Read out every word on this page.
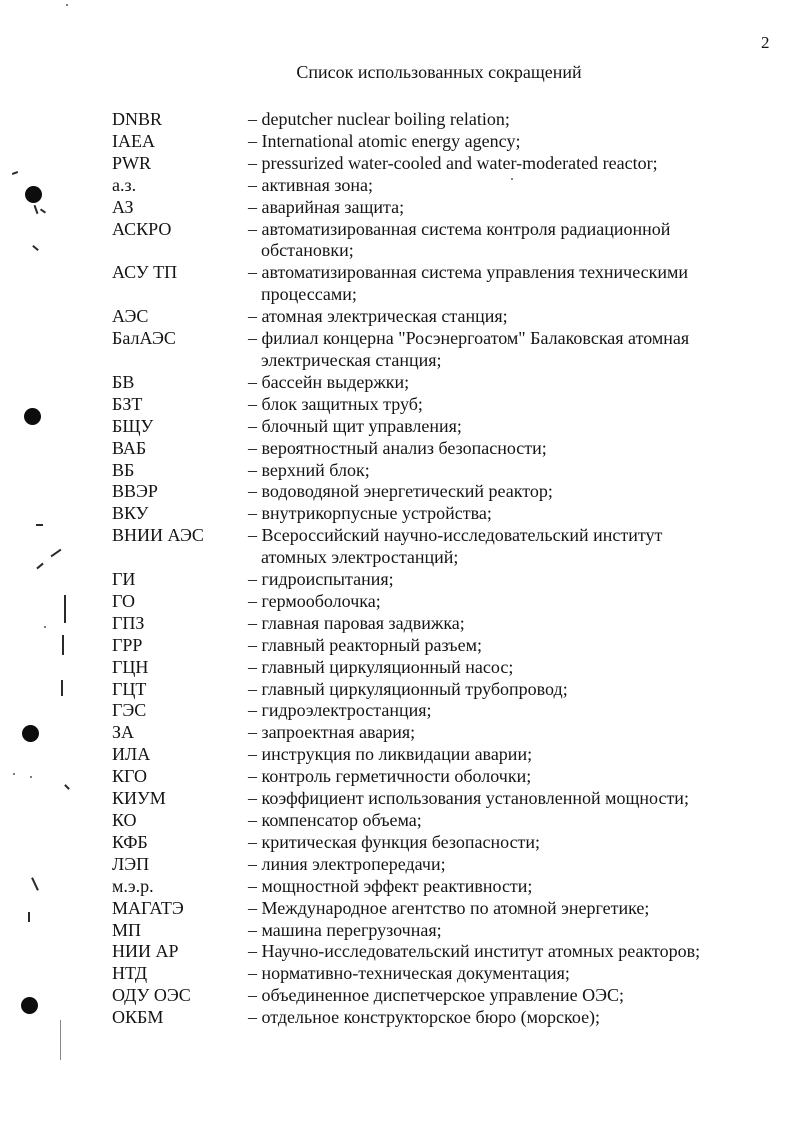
2
Список использованных сокращений
DNBR	– deputcher nuclear boiling relation;
IAEA	– International atomic energy agency;
PWR	– pressurized water-cooled and water-moderated reactor;
а.з.	– активная зона;
АЗ	– аварийная защита;
АСКРО	– автоматизированная система контроля радиационной
обстановки;
АСУ ТП	– автоматизированная система управления техническими
процессами;
АЭС	– атомная электрическая станция;
БалАЭС	– филиал концерна "Росэнергоатом" Балаковская атомная
электрическая станция;
БВ	– бассейн выдержки;
БЗТ	– блок защитных труб;
БЩУ	– блочный щит управления;
ВАБ	– вероятностный анализ безопасности;
ВБ	– верхний блок;
ВВЭР	– водоводяной энергетический реактор;
ВКУ	– внутрикорпусные устройства;
ВНИИ АЭС	– Всероссийский научно-исследовательский институт
атомных электростанций;
ГИ	– гидроиспытания;
ГО	– гермооболочка;
ГПЗ	– главная паровая задвижка;
ГРР	– главный реакторный разъем;
ГЦН	– главный циркуляционный насос;
ГЦТ	– главный циркуляционный трубопровод;
ГЭС	– гидроэлектростанция;
ЗА	– запроектная авария;
ИЛА	– инструкция по ликвидации аварии;
КГО	– контроль герметичности оболочки;
КИУМ	– коэффициент использования установленной мощности;
КО	– компенсатор объема;
КФБ	– критическая функция безопасности;
ЛЭП	– линия электропередачи;
м.э.р.	– мощностной эффект реактивности;
МАГАТЭ	– Международное агентство по атомной энергетике;
МП	– машина перегрузочная;
НИИ АР	– Научно-исследовательский институт атомных реакторов;
НТД	– нормативно-техническая документация;
ОДУ ОЭС	– объединенное диспетчерское управление ОЭС;
ОКБМ	– отдельное конструкторское бюро (морское);
